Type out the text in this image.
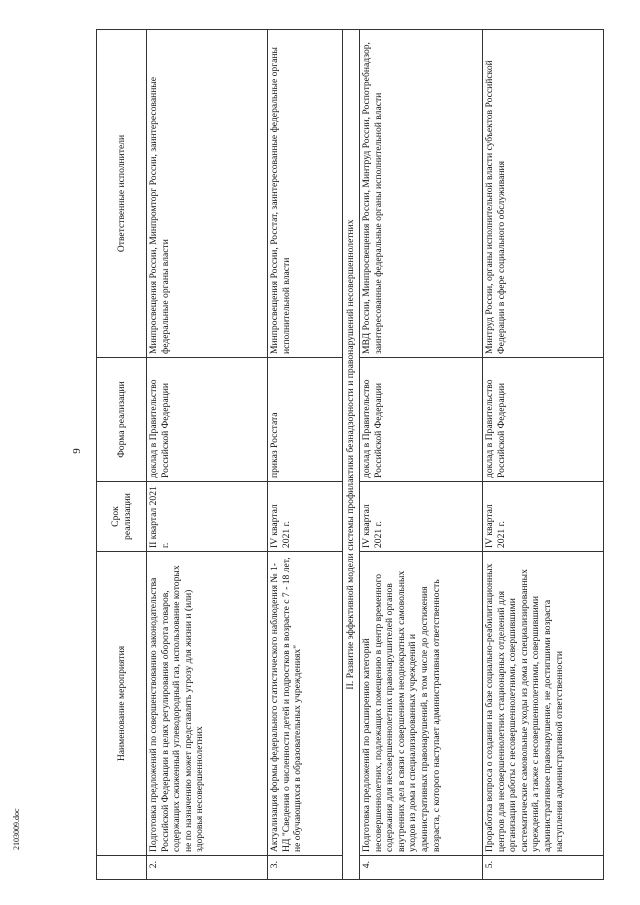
9
	Наименование мероприятия	Срок реализации	Форма реализации	Ответственные исполнители
2.	Подготовка предложений по совершенствованию законодательства Российской Федерации в целях регулирования оборота товаров, содержащих сжиженный углеводородный газ, использование которых не по назначению может представлять угрозу для жизни и (или) здоровья несовершеннолетних	II квартал 2021 г.	доклад в Правительство Российской Федерации	Минпросвещения России, Минпромторг России, заинтересованные федеральные органы власти
3.	Актуализация формы федерального статистического наблюдения № 1-НД "Сведения о численности детей и подростков в возрасте с 7 - 18 лет, не обучающихся в образовательных учреждениях"	IV квартал 2021 г.	приказ Росстата	Минпросвещения России, Росстат, заинтересованные федеральные органы исполнительной власти
II. Развитие эффективной модели системы профилактики безнадзорности и правонарушений несовершеннолетних				
4.	Подготовка предложений по расширению категорий несовершеннолетних, подлежащих помещению в центр временного содержания для несовершеннолетних правонарушителей органов внутренних дел в связи с совершением неоднократных самовольных уходов из дома и специализированных учреждений и административных правонарушений, в том числе до достижения возраста, с которого наступает административная ответственность	IV квартал 2021 г.	доклад в Правительство Российской Федерации	МВД России, Минпросвещения России, Минтруд России, Роспотребнадзор, заинтересованные федеральные органы исполнительной власти
5.	Проработка вопроса о создании на базе социально-реабилитационных центров для несовершеннолетних стационарных отделений для организации работы с несовершеннолетними, совершившими систематические самовольные уходы из дома и специализированных учреждений, а также с несовершеннолетними, совершившими административное правонарушение, не достигшими возраста наступления административной ответственности	IV квартал 2021 г.	доклад в Правительство Российской Федерации	Минтруд России, органы исполнительной власти субъектов Российской Федерации в сфере социального обслуживания
2103009.doc
